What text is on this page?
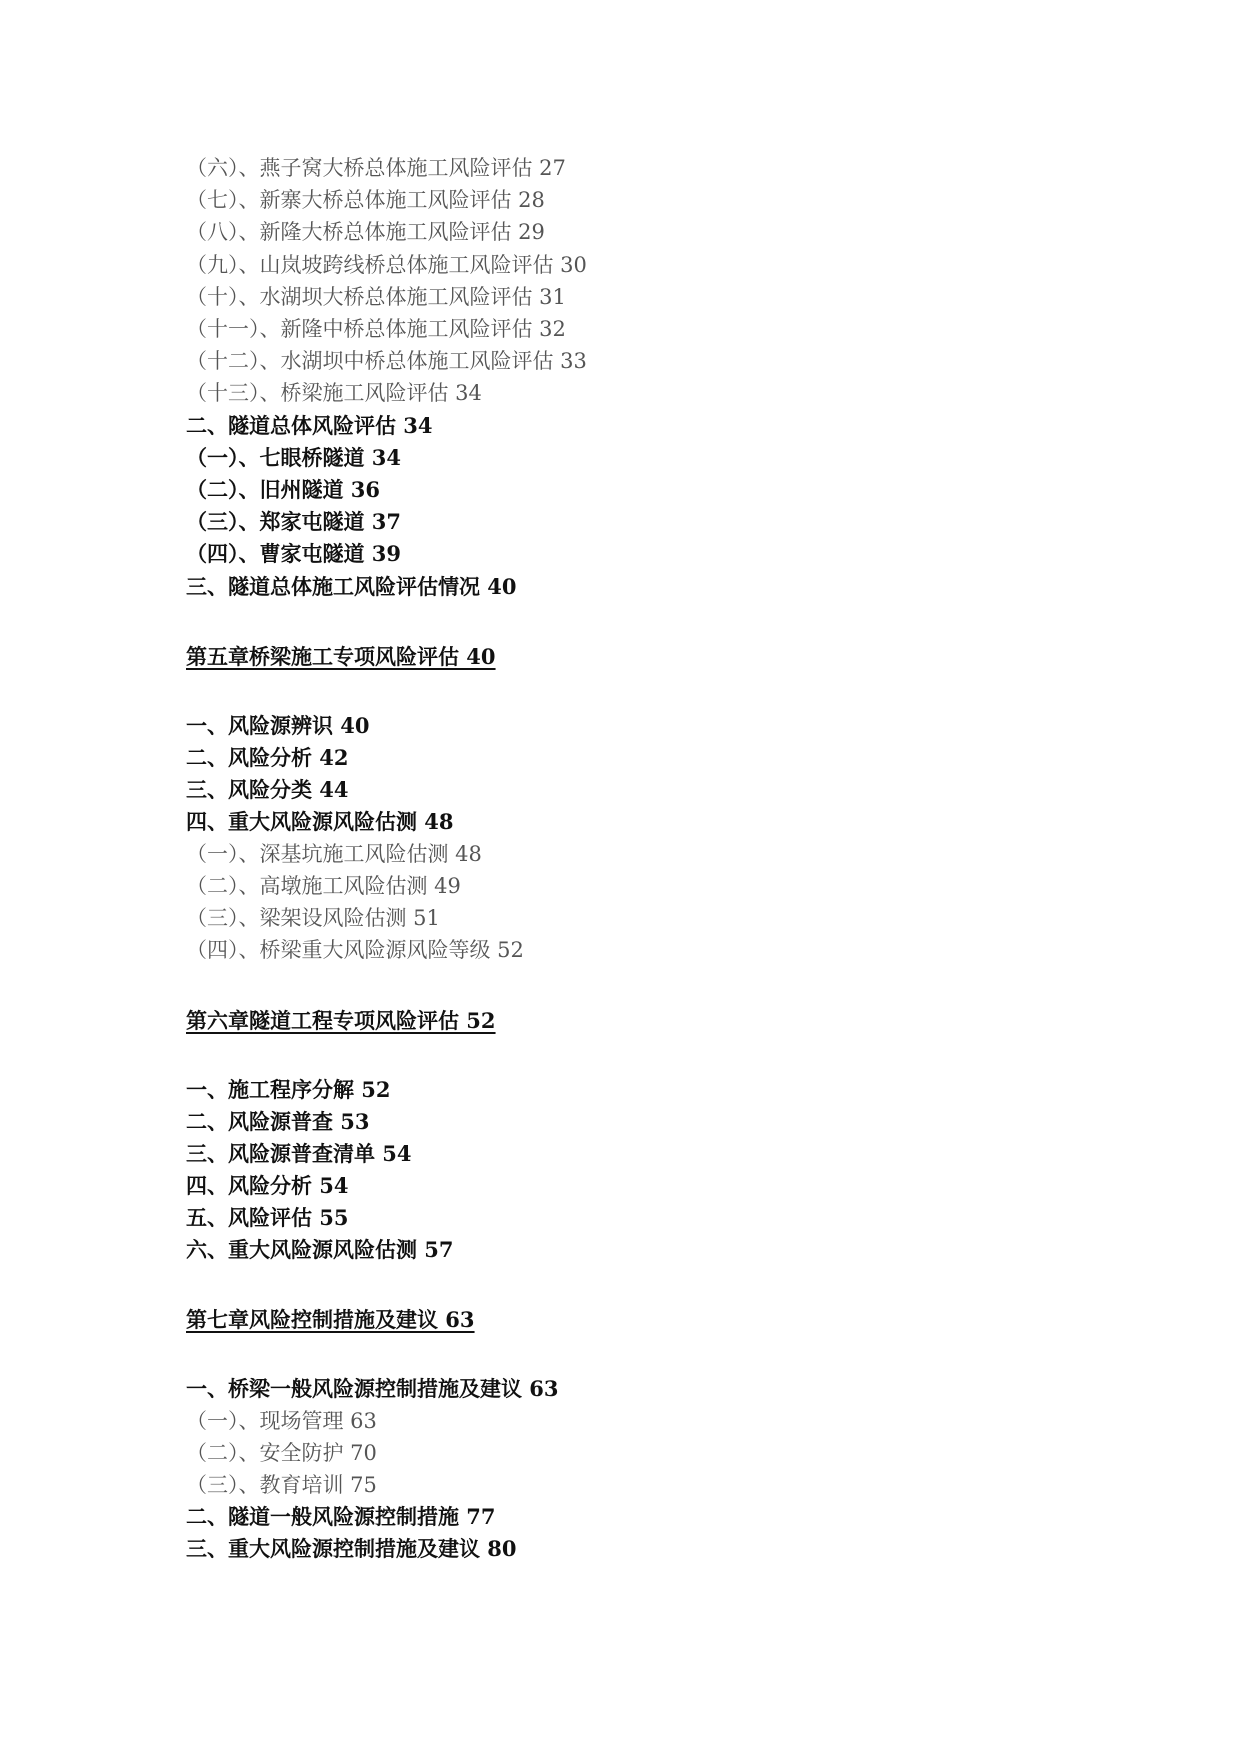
（六）、燕子窝大桥总体施工风险评估 27
（七）、新寨大桥总体施工风险评估 28
（八）、新隆大桥总体施工风险评估 29
（九）、山岚坡跨线桥总体施工风险评估 30
（十）、水湖坝大桥总体施工风险评估 31
（十一）、新隆中桥总体施工风险评估 32
（十二）、水湖坝中桥总体施工风险评估 33
（十三）、桥梁施工风险评估 34
二、隧道总体风险评估 34
（一）、七眼桥隧道 34
（二）、旧州隧道 36
（三）、郑家屯隧道 37
（四）、曹家屯隧道 39
三、隧道总体施工风险评估情况 40
第五章桥梁施工专项风险评估 40
一、风险源辨识 40
二、风险分析 42
三、风险分类 44
四、重大风险源风险估测 48
（一）、深基坑施工风险估测 48
（二）、高墩施工风险估测 49
（三）、梁架设风险估测 51
（四）、桥梁重大风险源风险等级 52
第六章隧道工程专项风险评估 52
一、施工程序分解 52
二、风险源普查 53
三、风险源普查清单 54
四、风险分析 54
五、风险评估 55
六、重大风险源风险估测 57
第七章风险控制措施及建议 63
一、桥梁一般风险源控制措施及建议 63
（一）、现场管理 63
（二）、安全防护 70
（三）、教育培训 75
二、隧道一般风险源控制措施 77
三、重大风险源控制措施及建议 80
